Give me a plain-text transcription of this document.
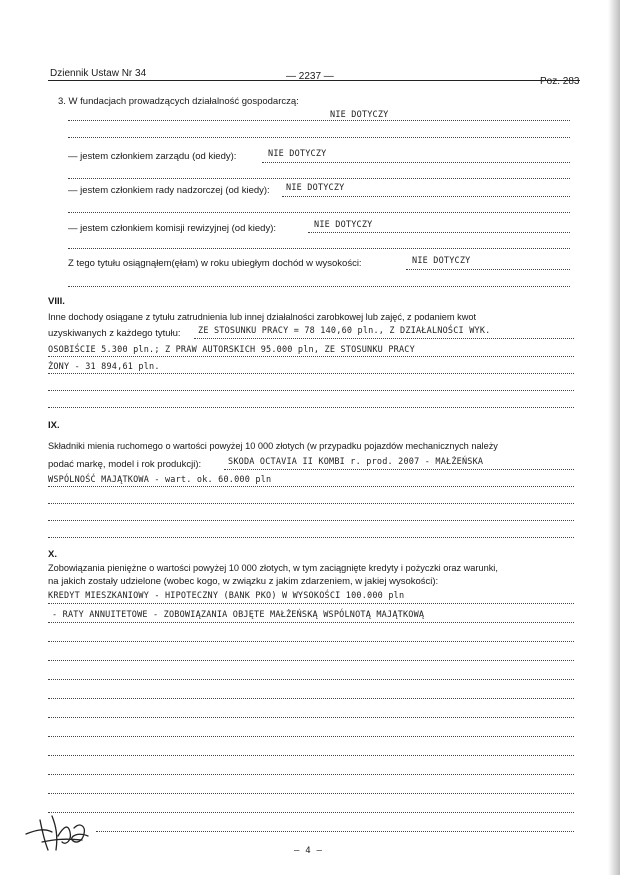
Dziennik Ustaw Nr 34	— 2237 —	Poz. 283
3. W fundacjach prowadzących działalność gospodarczą:
NIE DOTYCZY
— jestem członkiem zarządu (od kiedy):	NIE DOTYCZY
— jestem członkiem rady nadzorczej (od kiedy): NIE DOTYCZY
— jestem członkiem komisji rewizyjnej (od kiedy):	NIE DOTYCZY
Z tego tytułu osiągnąłem(ęłam) w roku ubiegłym dochód w wysokości:	NIE DOTYCZY
VIII.
Inne dochody osiągane z tytułu zatrudnienia lub innej działalności zarobkowej lub zajęć, z podaniem kwot
uzyskiwanych z każdego tytułu: ZE STOSUNKU PRACY = 78 140,60 pln., Z DZIAŁALNOŚCI WYK.
OSOBIŚCIE 5.300 pln.; Z PRAW AUTORSKICH 95.000 pln, ZE STOSUNKU PRACY
ŻONY - 31 894,61 pln.
IX.
Składniki mienia ruchomego o wartości powyżej 10 000 złotych (w przypadku pojazdów mechanicznych należy
podać markę, model i rok produkcji):	SKODA OCTAVIA II KOMBI r. prod. 2007 - MAŁŻEŃSKA
WSPÓLNOŚĆ MAJĄTKOWA - wart. ok. 60.000 pln
X.
Zobowiązania pieniężne o wartości powyżej 10 000 złotych, w tym zaciągnięte kredyty i pożyczki oraz warunki,
na jakich zostały udzielone (wobec kogo, w związku z jakim zdarzeniem, w jakiej wysokości):
KREDYT MIESZKANIOWY - HIPOTECZNY (BANK PKO) W WYSOKOŚCI 100.000 pln
- RATY ANNUITETOWE - ZOBOWIĄZANIA OBJĘTE MAŁŻEŃSKĄ WSPÓLNOTĄ MAJĄTKOWĄ
— 4 —
